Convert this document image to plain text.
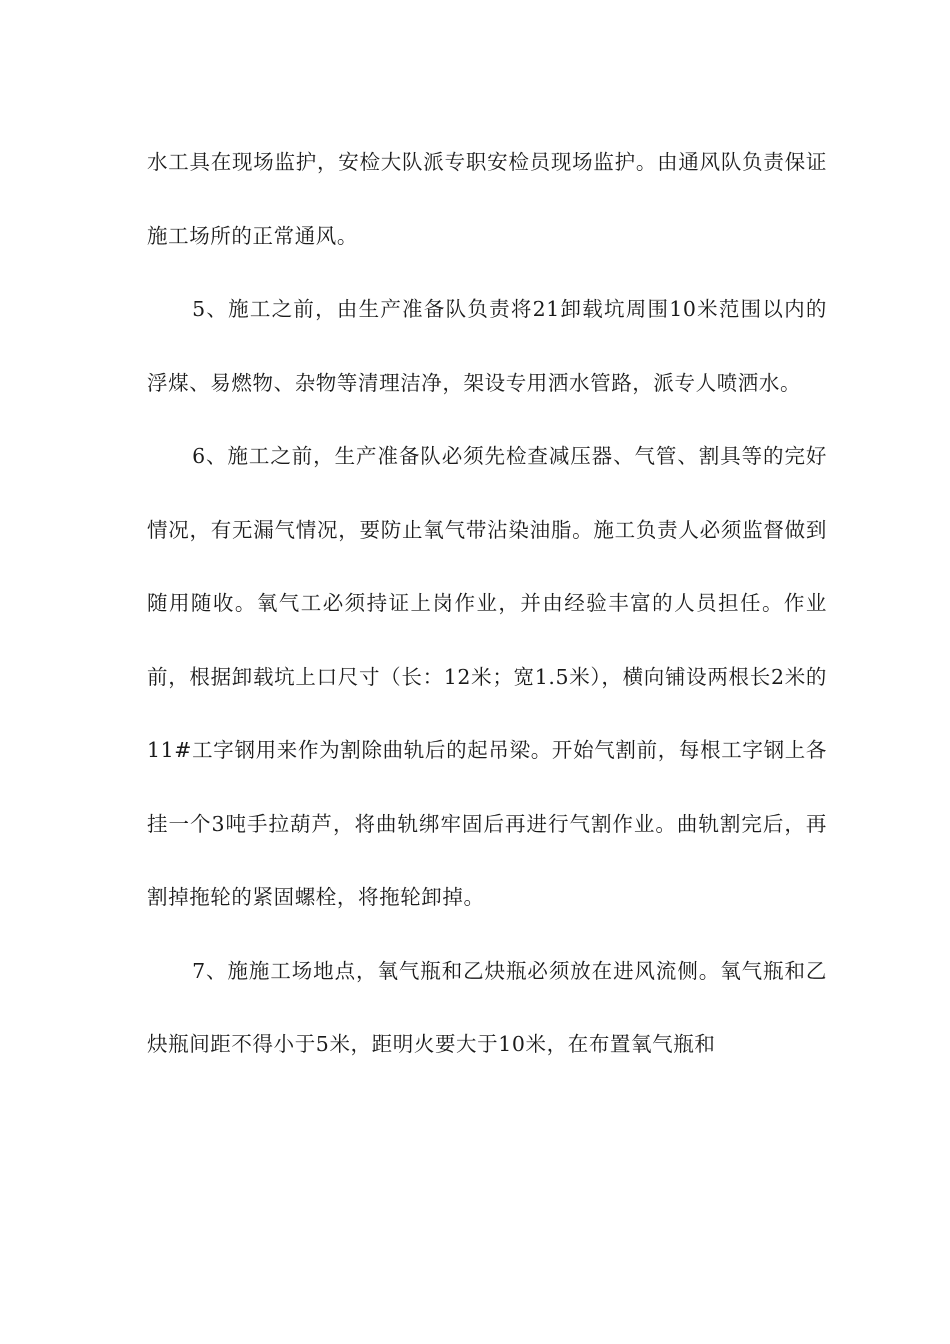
水工具在现场监护，安检大队派专职安检员现场监护。由通风队负责保证施工场所的正常通风。

5、施工之前，由生产准备队负责将21卸载坑周围10米范围以内的浮煤、易燃物、杂物等清理洁净，架设专用洒水管路，派专人喷洒水。

6、施工之前，生产准备队必须先检查减压器、气管、割具等的完好情况，有无漏气情况，要防止氧气带沾染油脂。施工负责人必须监督做到随用随收。氧气工必须持证上岗作业，并由经验丰富的人员担任。作业前，根据卸载坑上口尺寸（长：12米；宽1.5米），横向铺设两根长2米的11#工字钢用来作为割除曲轨后的起吊梁。开始气割前，每根工字钢上各挂一个3吨手拉葫芦，将曲轨绑牢固后再进行气割作业。曲轨割完后，再割掉拖轮的紧固螺栓，将拖轮卸掉。

7、施施工场地点，氧气瓶和乙炔瓶必须放在进风流侧。氧气瓶和乙炔瓶间距不得小于5米，距明火要大于10米，在布置氧气瓶和
